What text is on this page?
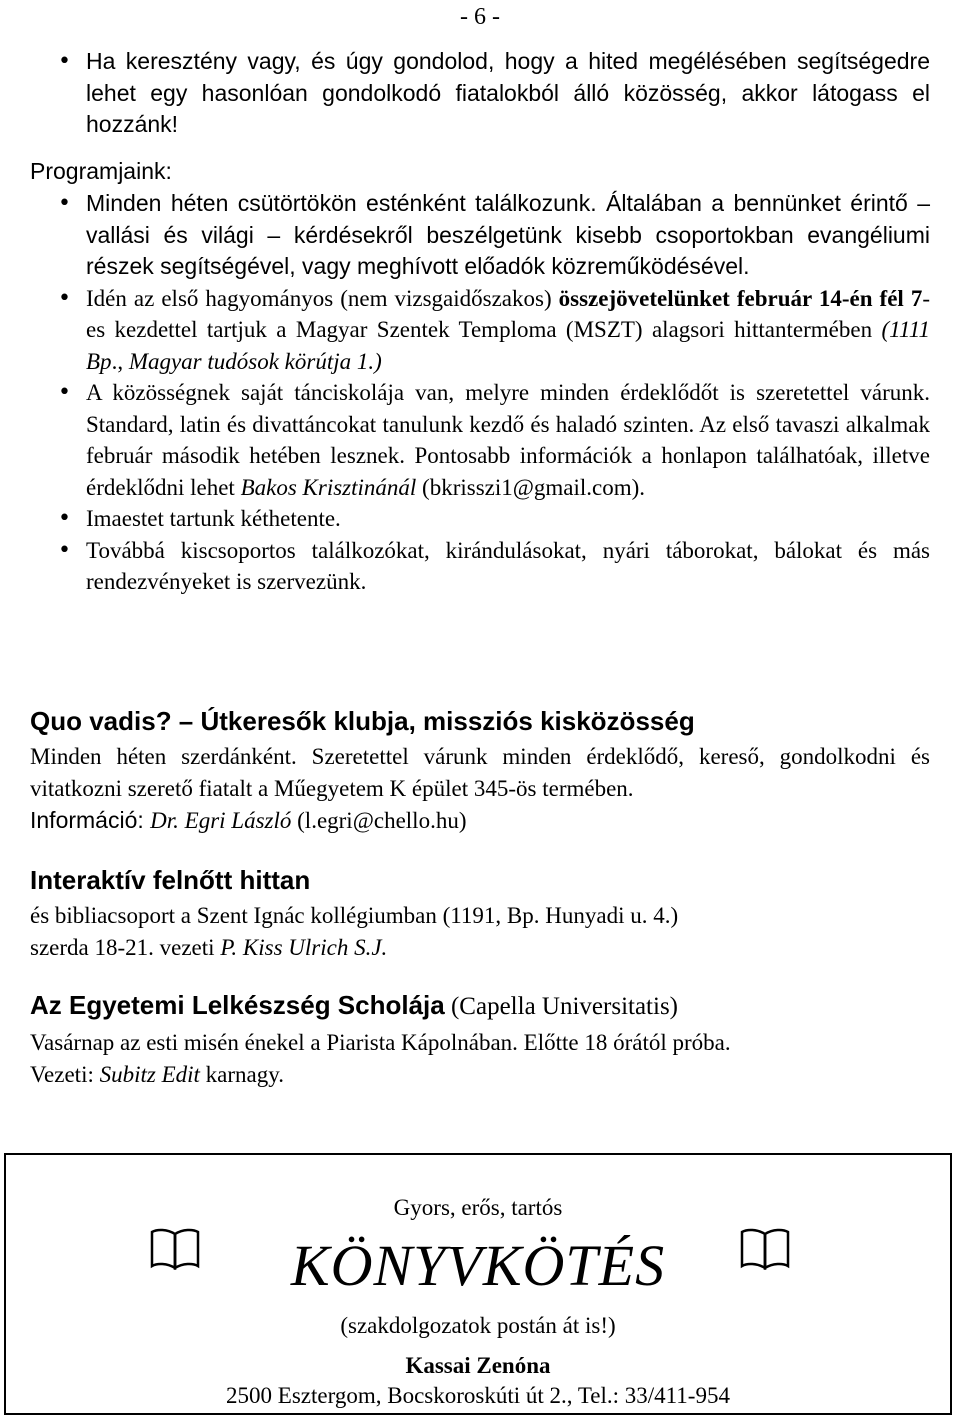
- 6 -
• Ha keresztény vagy, és úgy gondolod, hogy a hited megélésében segítségedre lehet egy hasonlóan gondolkodó fiatalokból álló közösség, akkor látogass el hozzánk!
Programjaink:
• Minden héten csütörtökön esténként találkozunk. Általában a bennünket érintő – vallási és világi – kérdésekről beszélgetünk kisebb csoportokban evangéliumi részek segítségével, vagy meghívott előadók közreműködésével.
• Idén az első hagyományos (nem vizsgaidőszakos) összejövetelünket február 14-én fél 7-es kezdettel tartjuk a Magyar Szentek Temploma (MSZT) alagsori hittantermében (1111 Bp., Magyar tudósok körútja 1.)
• A közösségnek saját tánciskolája van, melyre minden érdeklődőt is szeretettel várunk. Standard, latin és divattáncokat tanulunk kezdő és haladó szinten. Az első tavaszi alkalmak február második hetében lesznek. Pontosabb információk a honlapon találhatóak, illetve érdeklődni lehet Bakos Krisztinánál (bkrisszi1@gmail.com).
• Imaestet tartunk kéthetente.
• Továbbá kiscsoportos találkozókat, kirándulásokat, nyári táborokat, bálokat és más rendezvényeket is szervezünk.
Quo vadis? – Útkeresők klubja, missziós kisközösség
Minden héten szerdánként. Szeretettel várunk minden érdeklődő, kereső, gondolkodni és vitatkozni szerető fiatalt a Műegyetem K épület 345-ös termében.
Információ: Dr. Egri László (l.egri@chello.hu)
Interaktív felnőtt hittan
és bibliacsoport a Szent Ignác kollégiumban (1191, Bp. Hunyadi u. 4.)
szerda 18-21. vezeti P. Kiss Ulrich S.J.
Az Egyetemi Lelkészség Scholája (Capella Universitatis)
Vasárnap az esti misén énekel a Piarista Kápolnában. Előtte 18 órától próba.
Vezeti: Subitz Edit karnagy.
Gyors, erős, tartós
KÖNYVKÖTÉS
(szakdolgozatok postán át is!)
Kassai Zenóna
2500 Esztergom, Bocskoroskúti út 2., Tel.: 33/411-954
